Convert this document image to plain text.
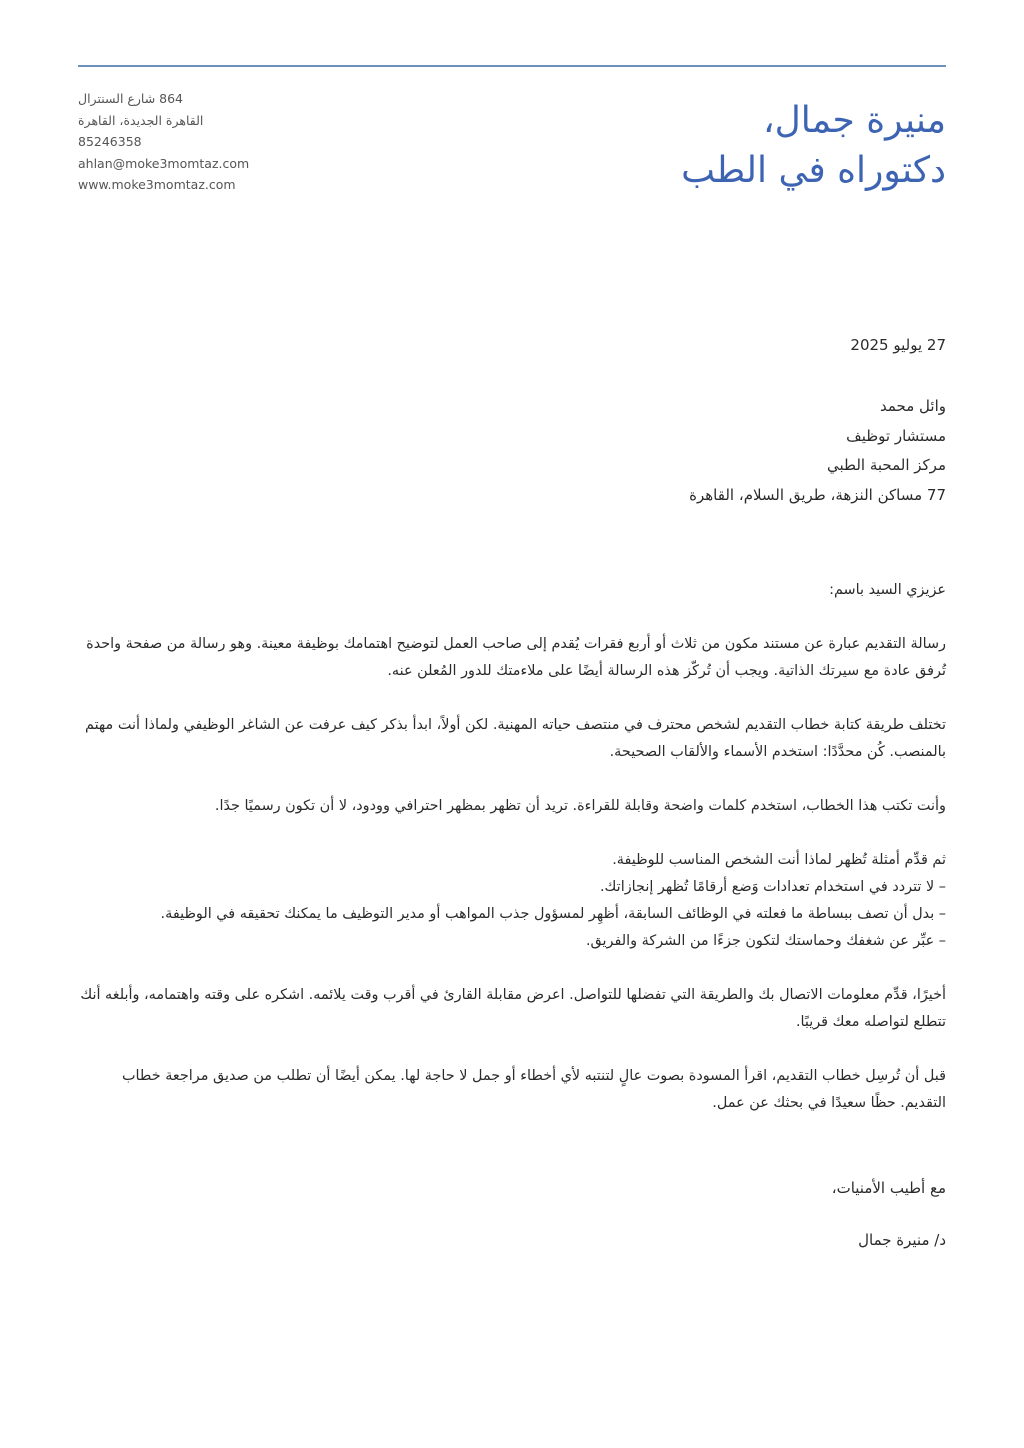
منيرة جمال،
دكتوراه في الطب
864 شارع السنترال
القاهرة الجديدة، القاهرة
85246358
ahlan@moke3momtaz.com
www.moke3momtaz.com
27 يوليو 2025
وائل محمد
مستشار توظيف
مركز المحبة الطبي
77 مساكن النزهة، طريق السلام، القاهرة

عزيزي السيد باسم:

رسالة التقديم عبارة عن مستند مكون من ثلاث أو أربع فقرات يُقدم إلى صاحب العمل لتوضيح اهتمامك بوظيفة معينة. وهو رسالة من صفحة واحدة تُرفق عادة مع سيرتك الذاتية. ويجب أن تُركّز هذه الرسالة أيضًا على ملاءمتك للدور المُعلن عنه.

تختلف طريقة كتابة خطاب التقديم لشخص محترف في منتصف حياته المهنية. لكن أولاً، ابدأ بذكر كيف عرفت عن الشاغر الوظيفي ولماذا أنت مهتم بالمنصب. كُن محدَّدًا: استخدم الأسماء والألقاب الصحيحة.

وأنت تكتب هذا الخطاب، استخدم كلمات واضحة وقابلة للقراءة. تريد أن تظهر بمظهر احترافي وودود، لا أن تكون رسميًا جدًا.

ثم قدِّم أمثلة تُظهر لماذا أنت الشخص المناسب للوظيفة.

– لا تتردد في استخدام تعدادات وَضع أرقامًا تُظهر إنجازاتك.

– بدل أن تصف ببساطة ما فعلته في الوظائف السابقة، أظهِر لمسؤول جذب المواهب أو مدير التوظيف ما يمكنك تحقيقه في الوظيفة.

– عبِّر عن شغفك وحماستك لتكون جزءًا من الشركة والفريق.

أخيرًا، قدِّم معلومات الاتصال بك والطريقة التي تفضلها للتواصل. اعرض مقابلة القارئ في أقرب وقت يلائمه. اشكره على وقته واهتمامه، وأبلغه أنك تتطلع لتواصله معك قريبًا.

قبل أن تُرسِل خطاب التقديم، اقرأ المسودة بصوت عالٍ لتنتبه لأي أخطاء أو جمل لا حاجة لها. يمكن أيضًا أن تطلب من صديق مراجعة خطاب التقديم. حظًا سعيدًا في بحثك عن عمل.

مع أطيب الأمنيات،
د/ منيرة جمال
